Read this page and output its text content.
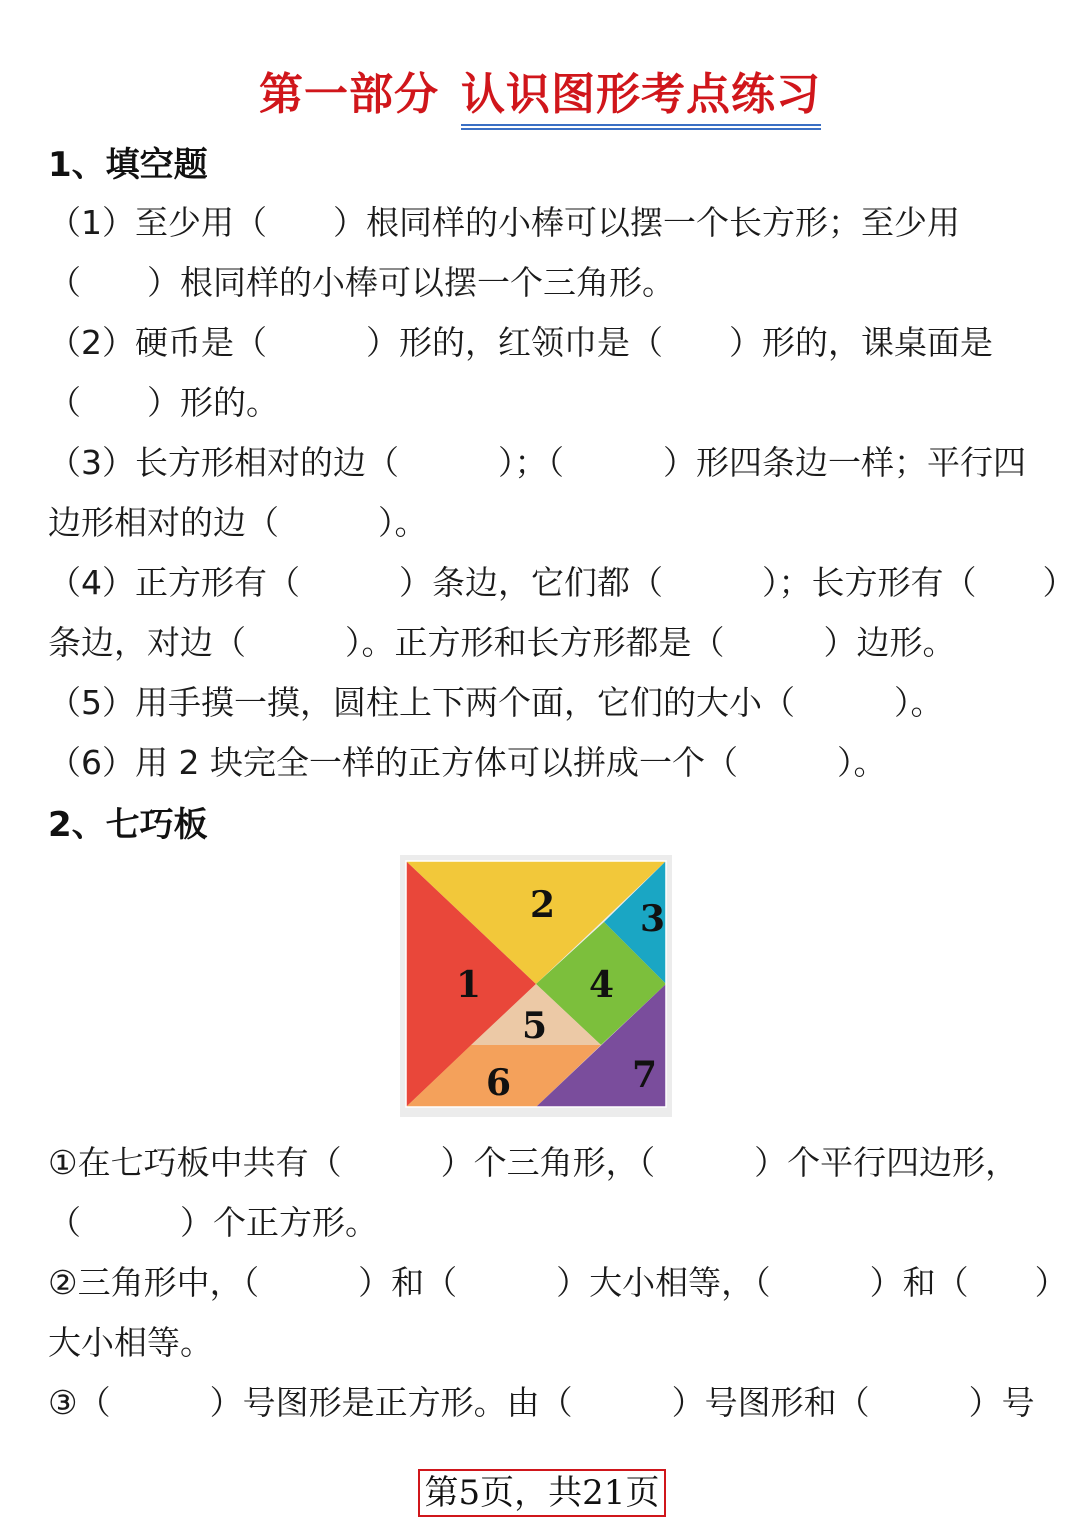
第一部分 认识图形考点练习
1、填空题
（1）至少用（　　）根同样的小棒可以摆一个长方形；至少用
（　　）根同样的小棒可以摆一个三角形。
（2）硬币是（　　　）形的，红领巾是（　　）形的，课桌面是
（　　）形的。
（3）长方形相对的边（　　　）；（　　　）形四条边一样；平行四
边形相对的边（　　　）。
（4）正方形有（　　　）条边，它们都（　　　）；长方形有（　　）
条边，对边（　　　）。正方形和长方形都是（　　　）边形。
（5）用手摸一摸，圆柱上下两个面，它们的大小（　　　）。
（6）用 2 块完全一样的正方体可以拼成一个（　　　）。
2、七巧板
1
2 3
4
5
6	7
①在七巧板中共有（　　　）个三角形，（　　　）个平行四边形，
（　　　）个正方形。
②三角形中，（　　　）和（　　　）大小相等，（　　　）和（　　）
大小相等。
③（　　　）号图形是正方形。由（　　　）号图形和（　　　）号
第5页，共21页
